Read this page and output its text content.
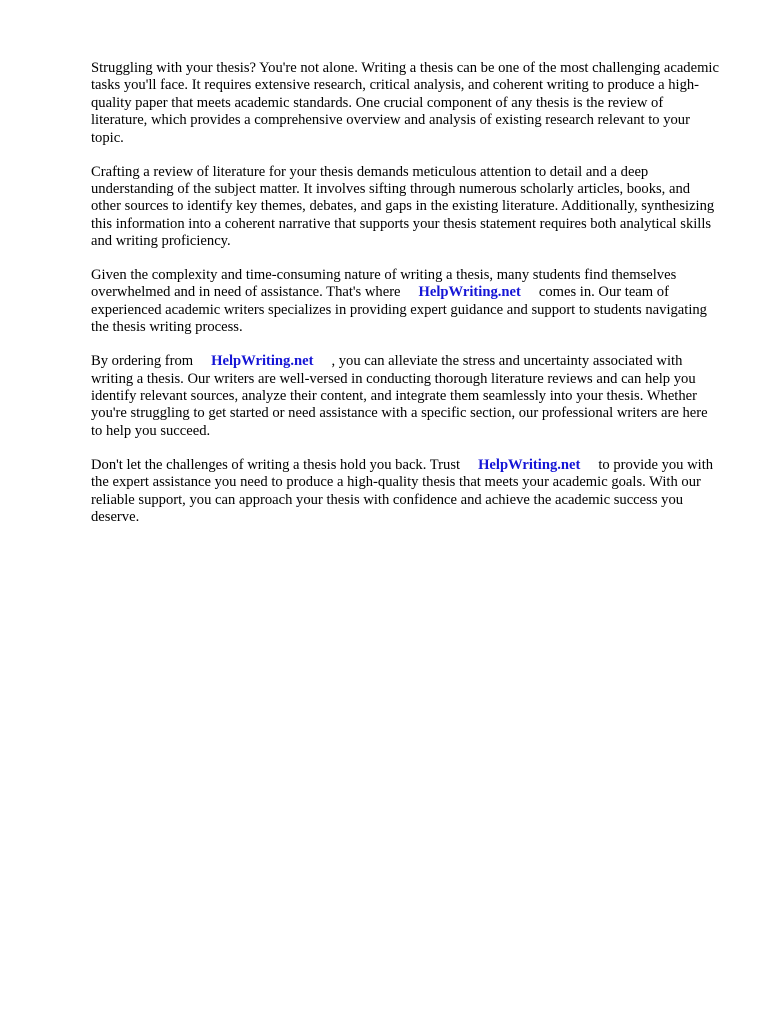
Struggling with your thesis? You're not alone. Writing a thesis can be one of the most challenging academic tasks you'll face. It requires extensive research, critical analysis, and coherent writing to produce a high-quality paper that meets academic standards. One crucial component of any thesis is the review of literature, which provides a comprehensive overview and analysis of existing research relevant to your topic.

Crafting a review of literature for your thesis demands meticulous attention to detail and a deep understanding of the subject matter. It involves sifting through numerous scholarly articles, books, and other sources to identify key themes, debates, and gaps in the existing literature. Additionally, synthesizing this information into a coherent narrative that supports your thesis statement requires both analytical skills and writing proficiency.

Given the complexity and time-consuming nature of writing a thesis, many students find themselves overwhelmed and in need of assistance. That's where HelpWriting.net comes in. Our team of experienced academic writers specializes in providing expert guidance and support to students navigating the thesis writing process.

By ordering from HelpWriting.net , you can alleviate the stress and uncertainty associated with writing a thesis. Our writers are well-versed in conducting thorough literature reviews and can help you identify relevant sources, analyze their content, and integrate them seamlessly into your thesis. Whether you're struggling to get started or need assistance with a specific section, our professional writers are here to help you succeed.

Don't let the challenges of writing a thesis hold you back. Trust HelpWriting.net to provide you with the expert assistance you need to produce a high-quality thesis that meets your academic goals. With our reliable support, you can approach your thesis with confidence and achieve the academic success you deserve.
